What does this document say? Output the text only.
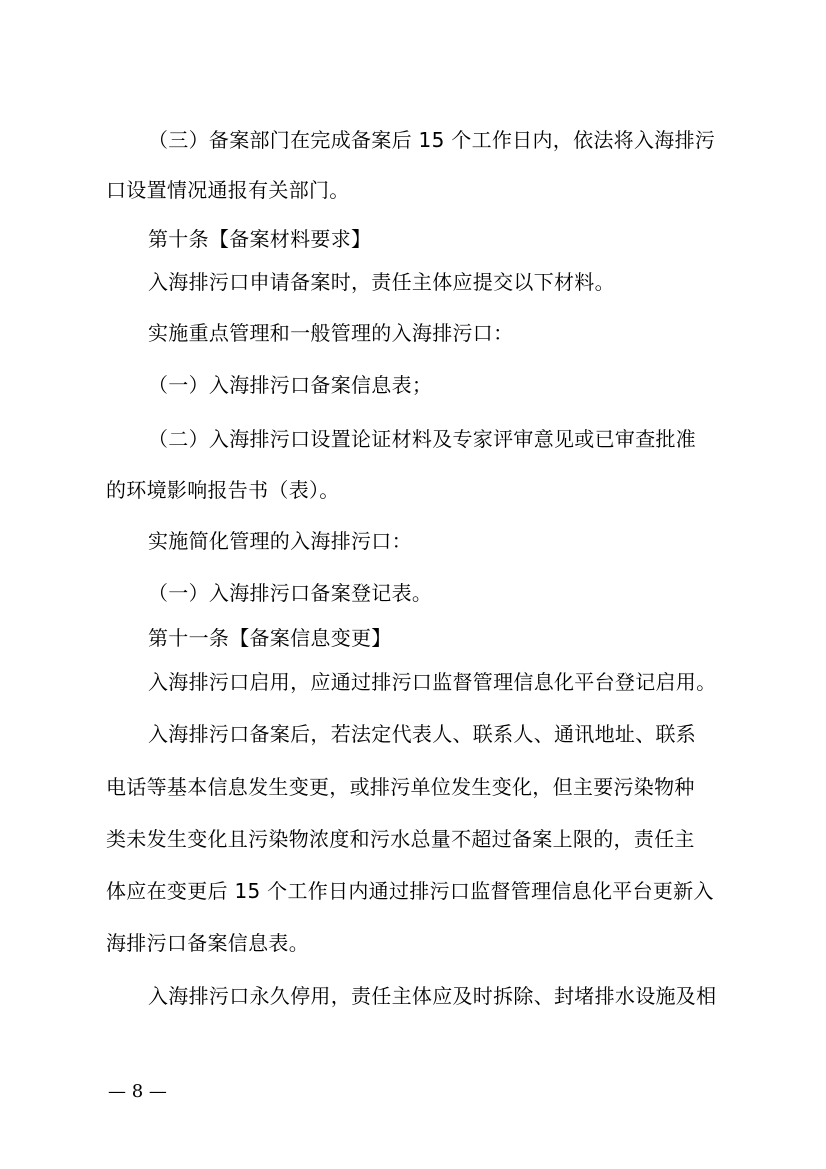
（三）备案部门在完成备案后 15 个工作日内，依法将入海排污
口设置情况通报有关部门。
第十条【备案材料要求】
入海排污口申请备案时，责任主体应提交以下材料。
实施重点管理和一般管理的入海排污口：
（一）入海排污口备案信息表；
（二）入海排污口设置论证材料及专家评审意见或已审查批准
的环境影响报告书（表）。
实施简化管理的入海排污口：
（一）入海排污口备案登记表。
第十一条【备案信息变更】
入海排污口启用，应通过排污口监督管理信息化平台登记启用。
入海排污口备案后，若法定代表人、联系人、通讯地址、联系
电话等基本信息发生变更，或排污单位发生变化，但主要污染物种
类未发生变化且污染物浓度和污水总量不超过备案上限的，责任主
体应在变更后 15 个工作日内通过排污口监督管理信息化平台更新入
海排污口备案信息表。
入海排污口永久停用，责任主体应及时拆除、封堵排水设施及相
— 8 —
